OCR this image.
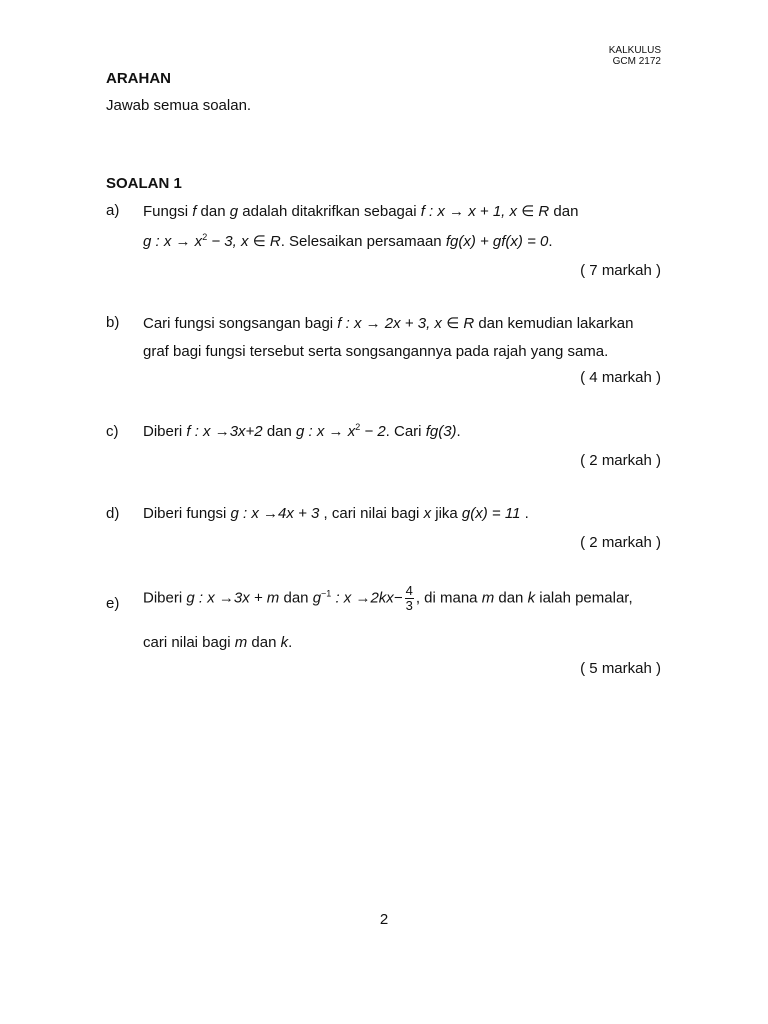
KALKULUS
GCM 2172
ARAHAN
Jawab semua soalan.
SOALAN 1
a) Fungsi f dan g adalah ditakrifkan sebagai f : x → x + 1, x ∈ R dan
g : $x \to x^2 - 3$, x ∈ R. Selesaikan persamaan fg(x) + gf(x) = 0.
( 7 markah )
b) Cari fungsi songsangan bagi f : x → 2x + 3, x ∈ R dan kemudian lakarkan
graf bagi fungsi tersebut serta songsangannya pada rajah yang sama.
( 4 markah )
c) Diberi f : x →3x+2 dan g : $x \to x^2 - 2$. Cari fg(3).
( 2 markah )
d) Diberi fungsi g : x →4x + 3 , cari nilai bagi x jika g(x) = 11 .
( 2 markah )
e) Diberi g : x →3x + m dan $g^{-1}$ : $x \to 2kx- \frac{4}{3}$ , di mana m dan k ialah pemalar,
cari nilai bagi m dan k.
( 5 markah )
2
